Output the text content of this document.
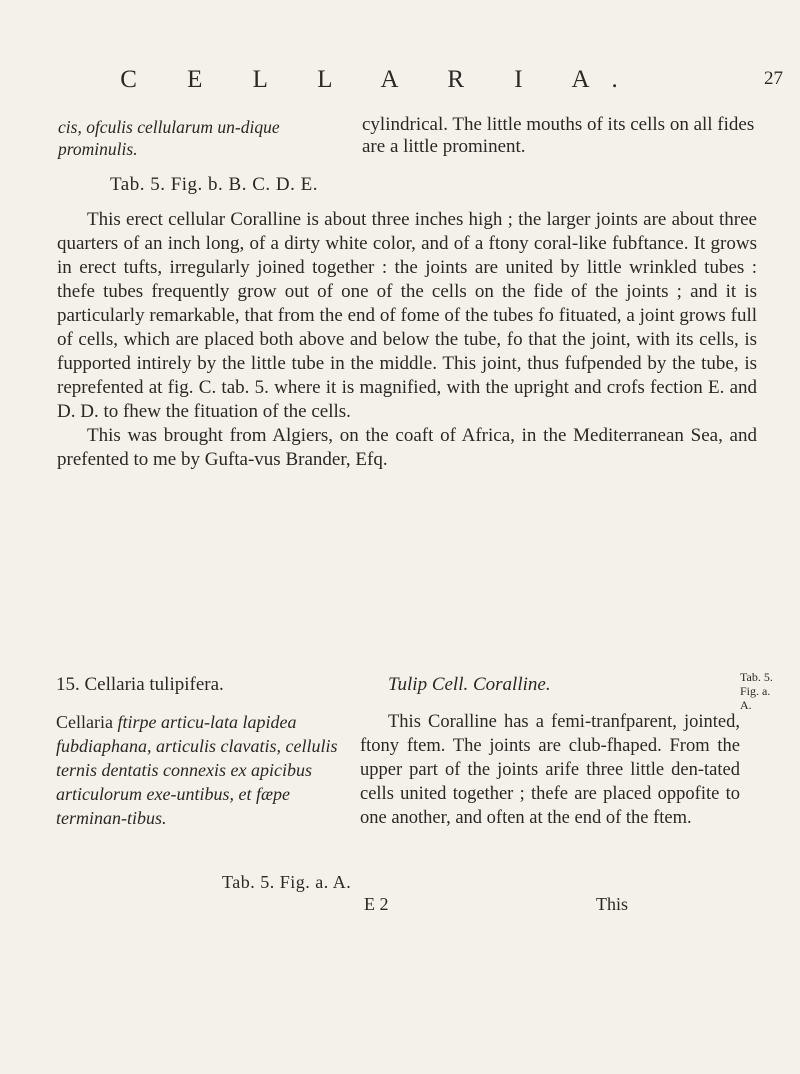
C E L L A R I A.	27
cis, ofculis cellularum un-dique prominulis.
cylindrical. The little mouths of its cells on all fides are a little prominent.
Tab. 5. Fig. b. B. C. D. E.

This erect cellular Coralline is about three inches high ; the larger joints are about three quarters of an inch long, of a dirty white color, and of a ftony coral-like fubftance. It grows in erect tufts, irregularly joined together : the joints are united by little wrinkled tubes : thefe tubes frequently grow out of one of the cells on the fide of the joints ; and it is particularly remarkable, that from the end of fome of the tubes fo fituated, a joint grows full of cells, which are placed both above and below the tube, fo that the joint, with its cells, is fupported intirely by the little tube in the middle. This joint, thus fufpended by the tube, is reprefented at fig. C. tab. 5. where it is magnified, with the upright and crofs fection E. and D. D. to fhew the fituation of the cells.

This was brought from Algiers, on the coaft of Africa, in the Mediterranean Sea, and prefented to me by Gufta-vus Brander, Efq.

15. Cellaria tulipifera.	Tulip Cell. Coralline.	Tab. 5.
Fig. a.
A.
Cellaria ftirpe articu-lata lapidea fubdiaphana, articulis clavatis, cellulis ternis dentatis connexis ex apicibus articulorum exe-untibus, et fæpe terminan-tibus.

This Coralline has a femi-tranfparent, jointed, ftony ftem. The joints are club-fhaped. From the upper part of the joints arife three little den-tated cells united together ; thefe are placed oppofite to one another, and often at the end of the ftem.

Tab. 5. Fig. a. A.
E 2	This
